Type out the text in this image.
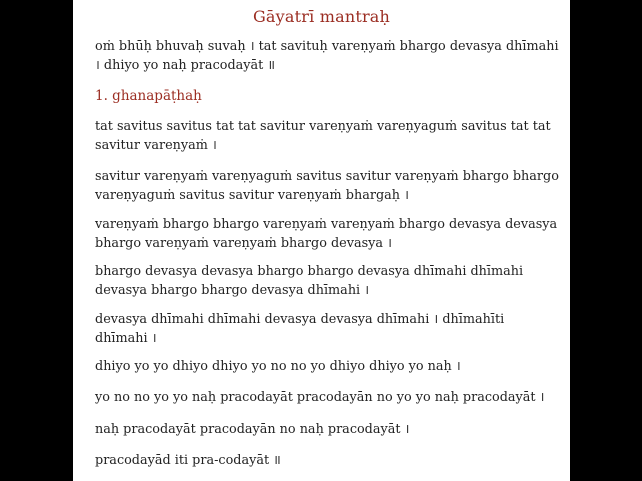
Gāyatrī mantraḥ
oṁ bhūḥ bhuvaḥ suvaḥ । tat savituḥ vareṇyaṁ bhargo devasya dhīmahi
। dhiyo yo naḥ pracodayāt ॥
1. ghanapāṭhaḥ
tat savitus savitus tat tat savitur vareṇyaṁ vareṇyaguṁ savitus tat tat
savitur vareṇyaṁ ।
savitur vareṇyaṁ vareṇyaguṁ savitus savitur vareṇyaṁ bhargo bhargo
vareṇyaguṁ savitus savitur vareṇyaṁ bhargaḥ ।
vareṇyaṁ bhargo bhargo vareṇyaṁ vareṇyaṁ bhargo devasya devasya
bhargo vareṇyaṁ vareṇyaṁ bhargo devasya ।
bhargo devasya devasya bhargo bhargo devasya dhīmahi dhīmahi
devasya bhargo bhargo devasya dhīmahi ।
devasya dhīmahi dhīmahi devasya devasya dhīmahi । dhīmahīti
dhīmahi ।
dhiyo yo yo dhiyo dhiyo yo no no yo dhiyo dhiyo yo naḥ ।
yo no no yo yo naḥ pracodayāt pracodayān no yo yo naḥ pracodayāt ।
naḥ pracodayāt pracodayān no naḥ pracodayāt ।
pracodayād iti pra-codayāt ॥
